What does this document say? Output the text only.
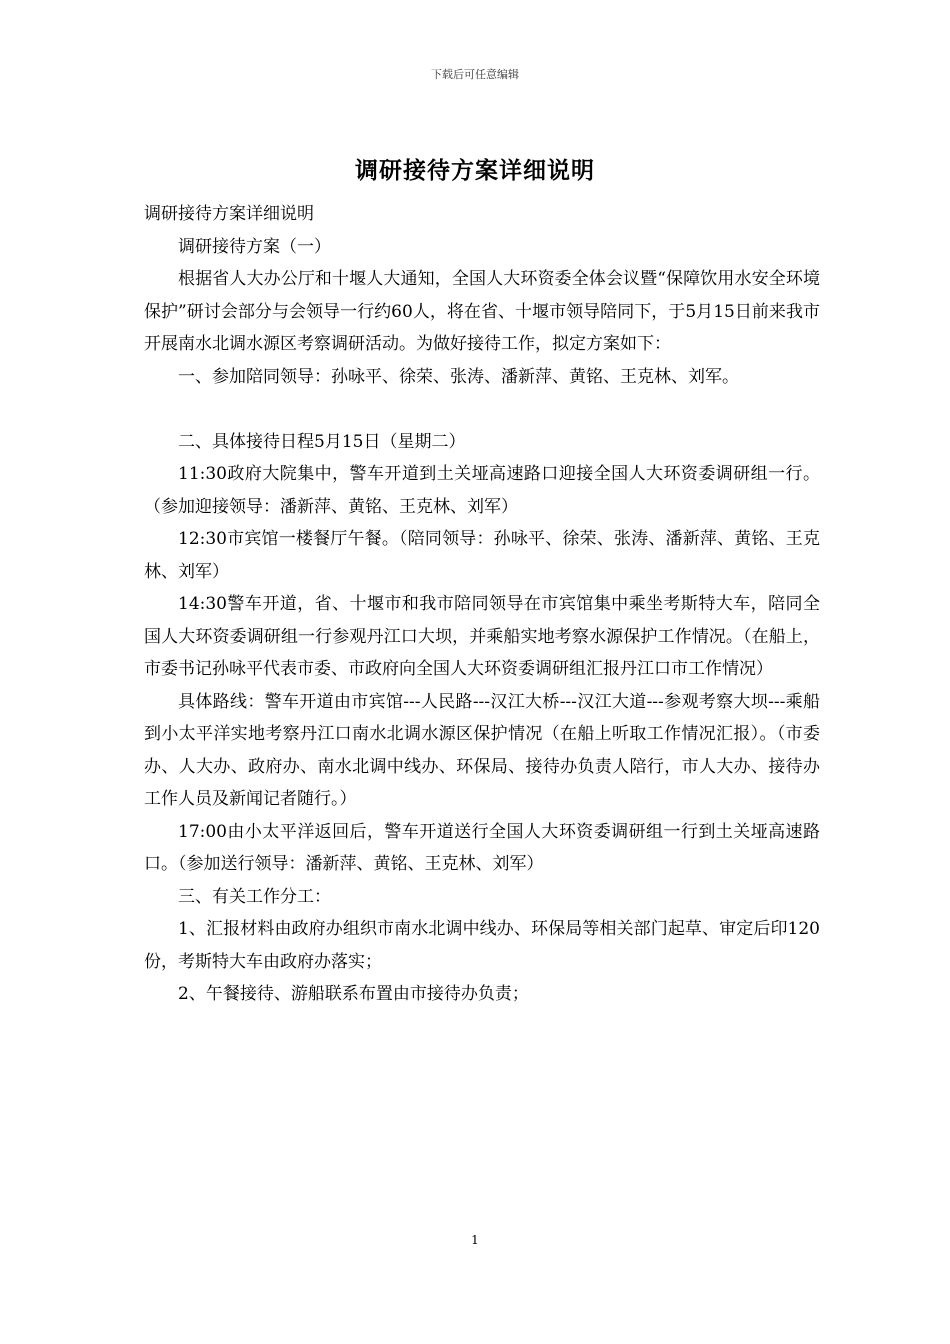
下载后可任意编辑
调研接待方案详细说明

调研接待方案详细说明

调研接待方案（一）

根据省人大办公厅和十堰人大通知，全国人大环资委全体会议暨“保障饮用水安全环境保护”研讨会部分与会领导一行约60人，将在省、十堰市领导陪同下，于5月15日前来我市开展南水北调水源区考察调研活动。为做好接待工作，拟定方案如下：

一、参加陪同领导：孙咏平、徐荣、张涛、潘新萍、黄铭、王克林、刘军。

二、具体接待日程5月15日（星期二）

11:30政府大院集中，警车开道到土关垭高速路口迎接全国人大环资委调研组一行。（参加迎接领导：潘新萍、黄铭、王克林、刘军）

12:30市宾馆一楼餐厅午餐。（陪同领导：孙咏平、徐荣、张涛、潘新萍、黄铭、王克林、刘军）

14:30警车开道，省、十堰市和我市陪同领导在市宾馆集中乘坐考斯特大车，陪同全国人大环资委调研组一行参观丹江口大坝，并乘船实地考察水源保护工作情况。（在船上，市委书记孙咏平代表市委、市政府向全国人大环资委调研组汇报丹江口市工作情况）

具体路线：警车开道由市宾馆---人民路---汉江大桥---汉江大道---参观考察大坝---乘船到小太平洋实地考察丹江口南水北调水源区保护情况（在船上听取工作情况汇报）。（市委办、人大办、政府办、南水北调中线办、环保局、接待办负责人陪行，市人大办、接待办工作人员及新闻记者随行。）

17:00由小太平洋返回后，警车开道送行全国人大环资委调研组一行到土关垭高速路口。（参加送行领导：潘新萍、黄铭、王克林、刘军）

三、有关工作分工：

1、汇报材料由政府办组织市南水北调中线办、环保局等相关部门起草、审定后印120份，考斯特大车由政府办落实；

2、午餐接待、游船联系布置由市接待办负责；

1
